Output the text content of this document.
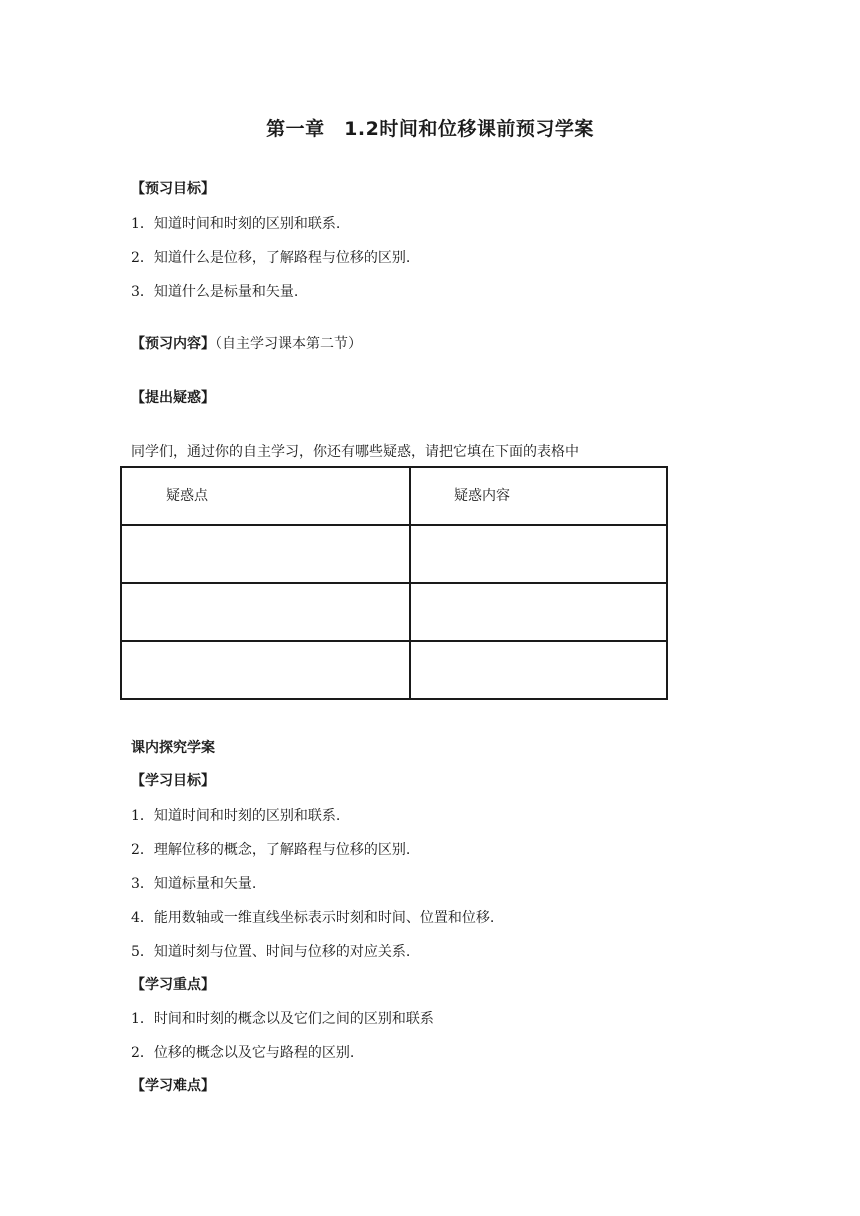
第一章　1.2时间和位移课前预习学案
【预习目标】
1．知道时间和时刻的区别和联系.
2．知道什么是位移，了解路程与位移的区别.
3．知道什么是标量和矢量.
【预习内容】（自主学习课本第二节）
【提出疑惑】
同学们，通过你的自主学习，你还有哪些疑惑，请把它填在下面的表格中
疑惑点	疑惑内容

课内探究学案
【学习目标】
1．知道时间和时刻的区别和联系.
2．理解位移的概念，了解路程与位移的区别.
3．知道标量和矢量.
4．能用数轴或一维直线坐标表示时刻和时间、位置和位移.
5．知道时刻与位置、时间与位移的对应关系.
【学习重点】
1．时间和时刻的概念以及它们之间的区别和联系
2．位移的概念以及它与路程的区别.
【学习难点】
